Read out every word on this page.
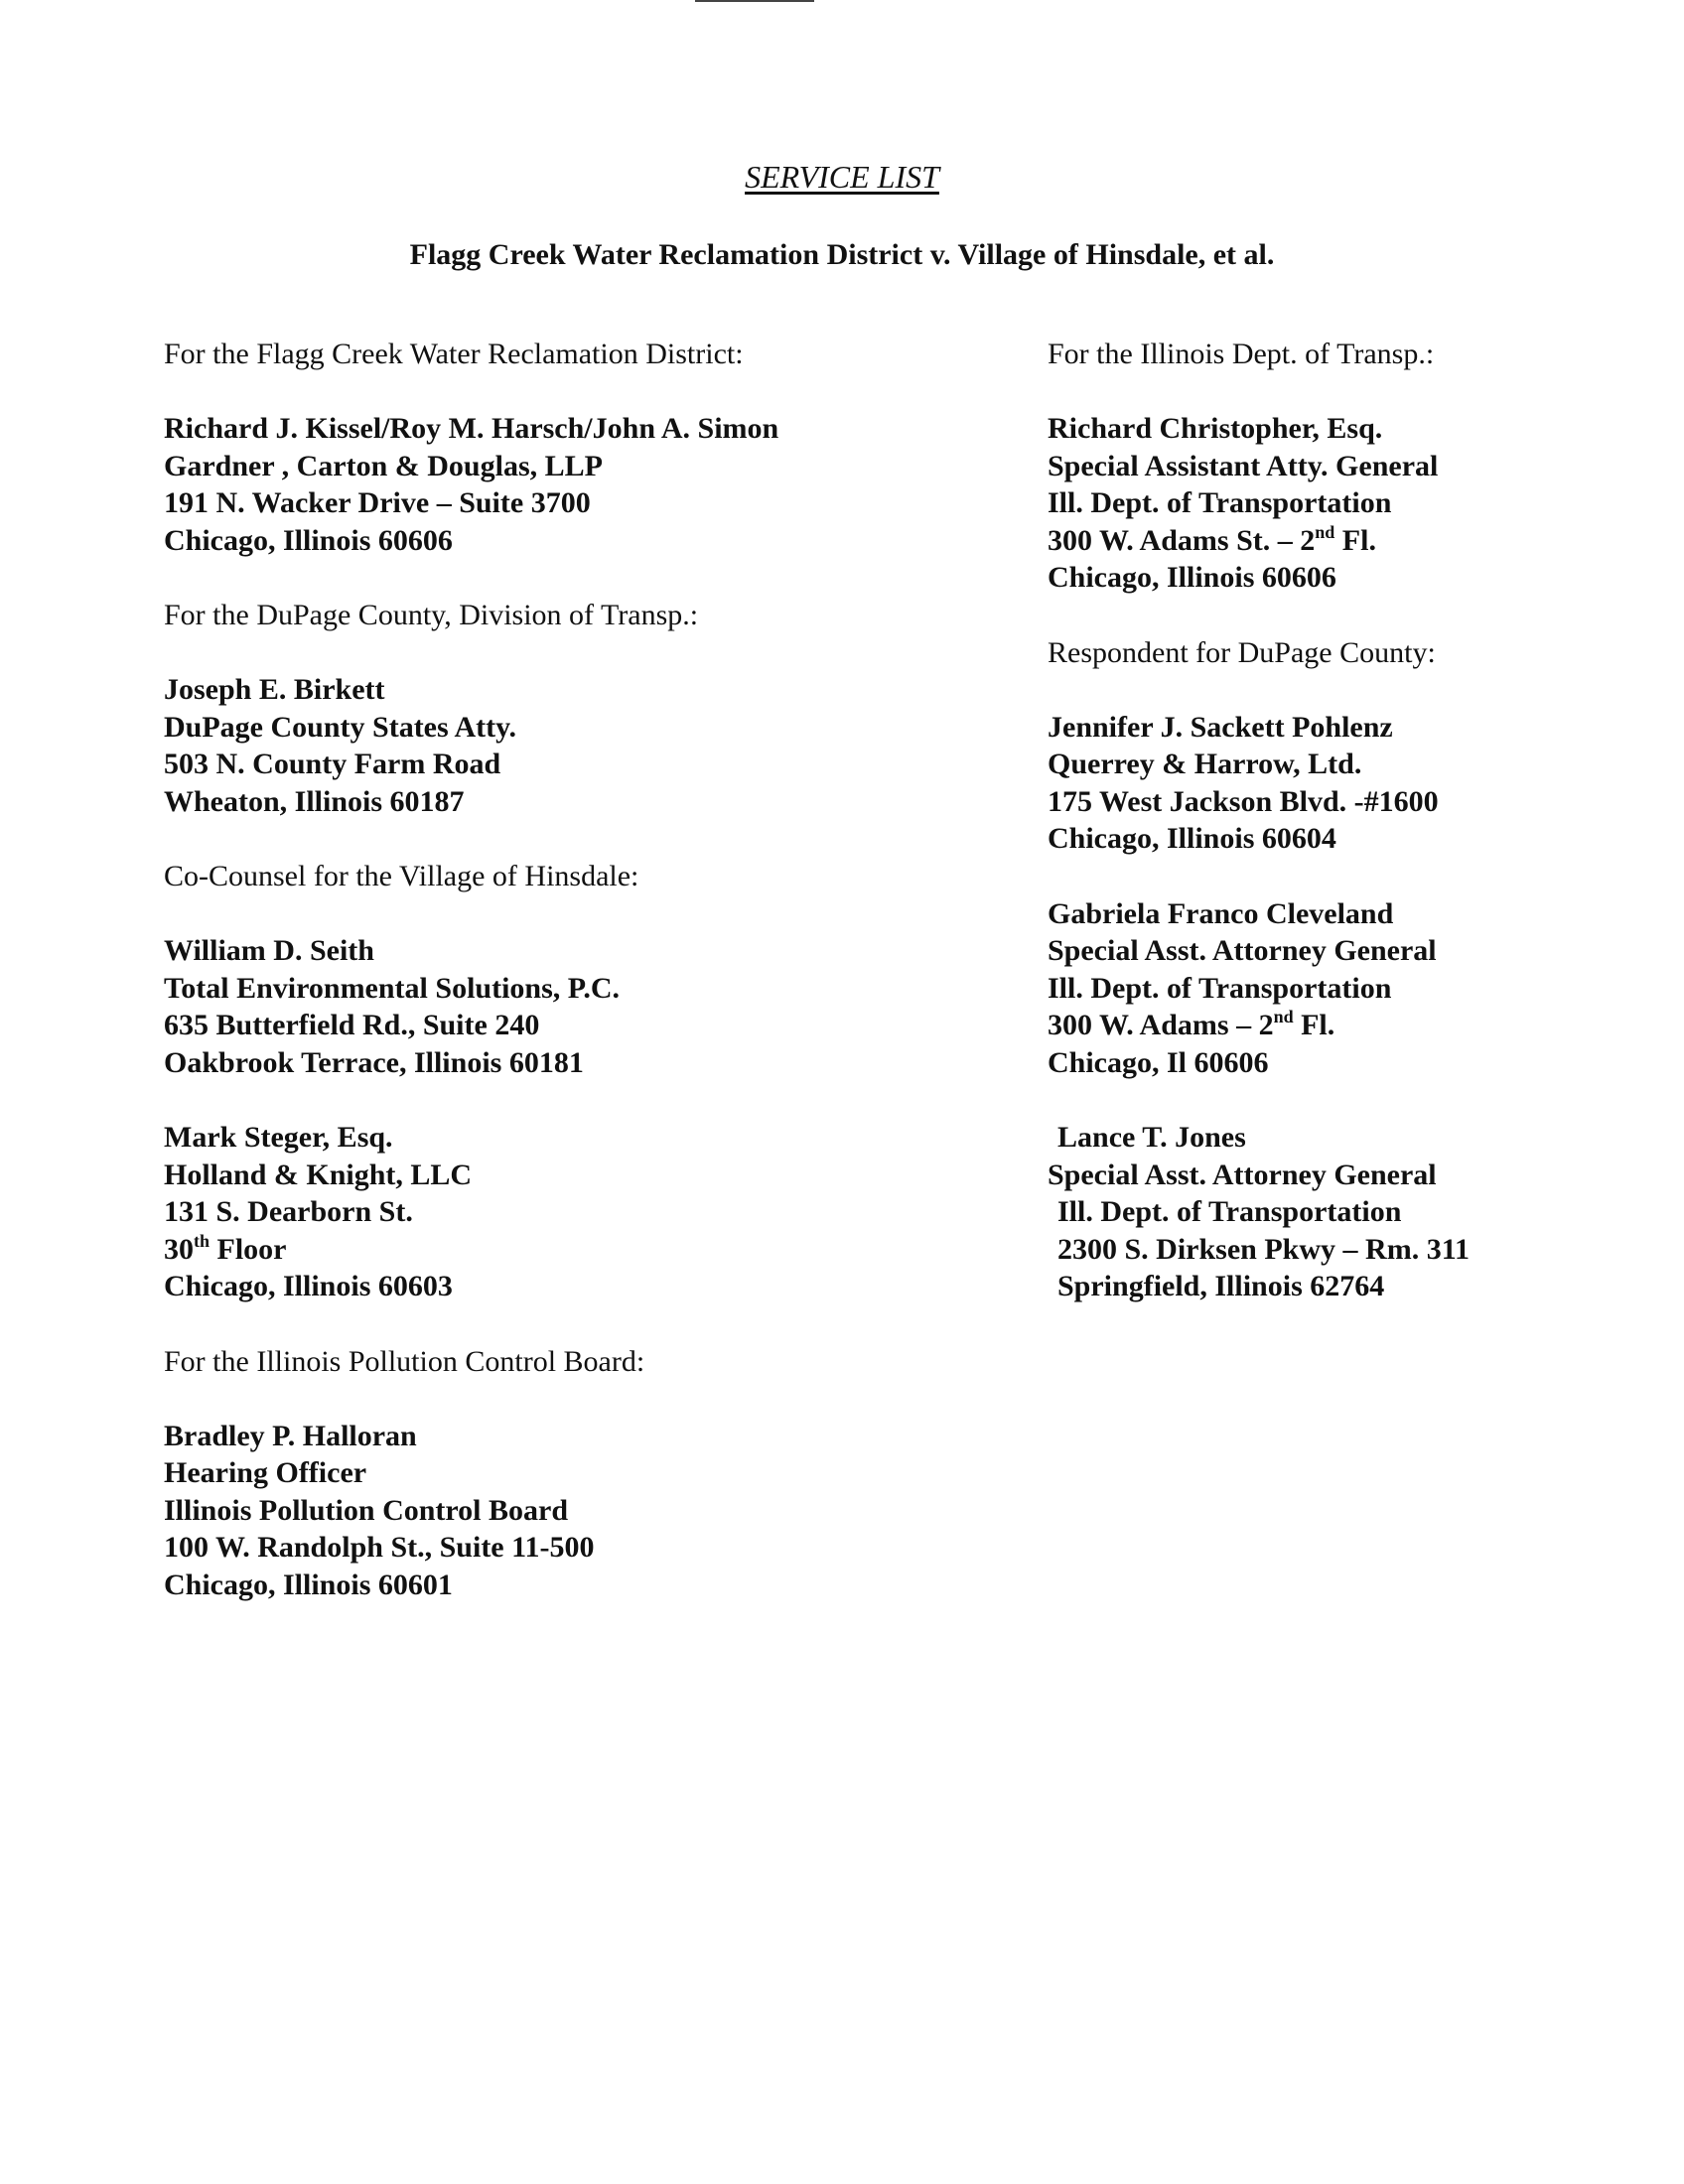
SERVICE LIST
Flagg Creek Water Reclamation District v. Village of Hinsdale, et al.
For the Flagg Creek Water Reclamation District:
Richard J. Kissel/Roy M. Harsch/John A. Simon
Gardner , Carton & Douglas, LLP
191 N. Wacker Drive – Suite 3700
Chicago, Illinois 60606
For the DuPage County, Division of Transp.:
Joseph E. Birkett
DuPage County States Atty.
503 N. County Farm Road
Wheaton, Illinois 60187
Co-Counsel for the Village of Hinsdale:
William D. Seith
Total Environmental Solutions, P.C.
635 Butterfield Rd., Suite 240
Oakbrook Terrace, Illinois 60181
Mark Steger, Esq.
Holland & Knight, LLC
131 S. Dearborn St.
30th Floor
Chicago, Illinois 60603
For the Illinois Pollution Control Board:
Bradley P. Halloran
Hearing Officer
Illinois Pollution Control Board
100 W. Randolph St., Suite 11-500
Chicago, Illinois 60601
For the Illinois Dept. of Transp.:
Richard Christopher, Esq.
Special Assistant Atty. General
Ill. Dept. of Transportation
300 W. Adams St. – 2nd Fl.
Chicago, Illinois 60606
Respondent for DuPage County:
Jennifer J. Sackett Pohlenz
Querrey & Harrow, Ltd.
175 West Jackson Blvd. -#1600
Chicago, Illinois 60604
Gabriela Franco Cleveland
Special Asst. Attorney General
Ill. Dept. of Transportation
300 W. Adams – 2nd Fl.
Chicago, Il 60606
Lance T. Jones
Special Asst. Attorney General
Ill. Dept. of Transportation
2300 S. Dirksen Pkwy – Rm. 311
Springfield, Illinois 62764
